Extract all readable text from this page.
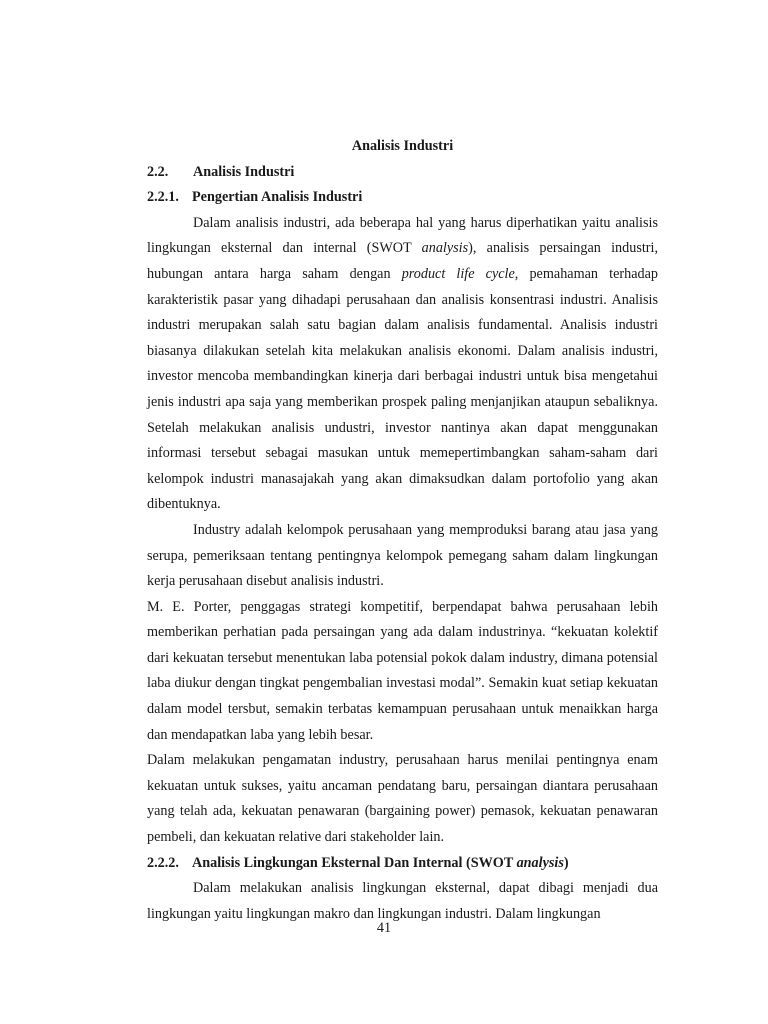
Analisis Industri
2.2. Analisis Industri
2.2.1. Pengertian Analisis Industri
Dalam analisis industri, ada beberapa hal yang harus diperhatikan yaitu analisis lingkungan eksternal dan internal (SWOT analysis), analisis persaingan industri, hubungan antara harga saham dengan product life cycle, pemahaman terhadap karakteristik pasar yang dihadapi perusahaan dan analisis konsentrasi industri. Analisis industri merupakan salah satu bagian dalam analisis fundamental. Analisis industri biasanya dilakukan setelah kita melakukan analisis ekonomi. Dalam analisis industri, investor mencoba membandingkan kinerja dari berbagai industri untuk bisa mengetahui jenis industri apa saja yang memberikan prospek paling menjanjikan ataupun sebaliknya. Setelah melakukan analisis undustri, investor nantinya akan dapat menggunakan informasi tersebut sebagai masukan untuk memepertimbangkan saham-saham dari kelompok industri manasajakah yang akan dimaksudkan dalam portofolio yang akan dibentuknya.
Industry adalah kelompok perusahaan yang memproduksi barang atau jasa yang serupa, pemeriksaan tentang pentingnya kelompok pemegang saham dalam lingkungan kerja perusahaan disebut analisis industri.
M. E. Porter, penggagas strategi kompetitif, berpendapat bahwa perusahaan lebih memberikan perhatian pada persaingan yang ada dalam industrinya. “kekuatan kolektif dari kekuatan tersebut menentukan laba potensial pokok dalam industry, dimana potensial laba diukur dengan tingkat pengembalian investasi modal”. Semakin kuat setiap kekuatan dalam model tersbut, semakin terbatas kemampuan perusahaan untuk menaikkan harga dan mendapatkan laba yang lebih besar.
Dalam melakukan pengamatan industry, perusahaan harus menilai pentingnya enam kekuatan untuk sukses, yaitu ancaman pendatang baru, persaingan diantara perusahaan yang telah ada, kekuatan penawaran (bargaining power) pemasok, kekuatan penawaran pembeli, dan kekuatan relative dari stakeholder lain.
2.2.2. Analisis Lingkungan Eksternal Dan Internal (SWOT analysis)
Dalam melakukan analisis lingkungan eksternal, dapat dibagi menjadi dua lingkungan yaitu lingkungan makro dan lingkungan industri. Dalam lingkungan
41
